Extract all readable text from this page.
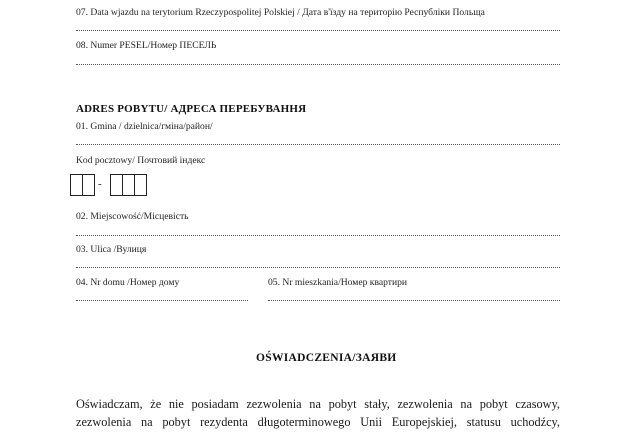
07. Data wjazdu na terytorium Rzeczypospolitej Polskiej / Дата в'їзду на територію Республіки Польща
08. Numer PESEL/Номер ПЕСЕЛЬ
ADRES POBYTU/ АДРЕСА ПЕРЕБУВАННЯ
01. Gmina / dzielnica/гміна/район/
Kod pocztowy/ Почтовий індекс
-
02. Miejscowość/Місцевість
03. Ulica /Вулиця
04. Nr domu /Номер дому	05. Nr mieszkania/Номер квартири
OŚWIADCZENIA/ЗАЯВИ
Oświadczam, że nie posiadam zezwolenia na pobyt stały, zezwolenia na pobyt czasowy,
zezwolenia na pobyt rezydenta długoterminowego Unii Europejskiej, statusu uchodźcy,
